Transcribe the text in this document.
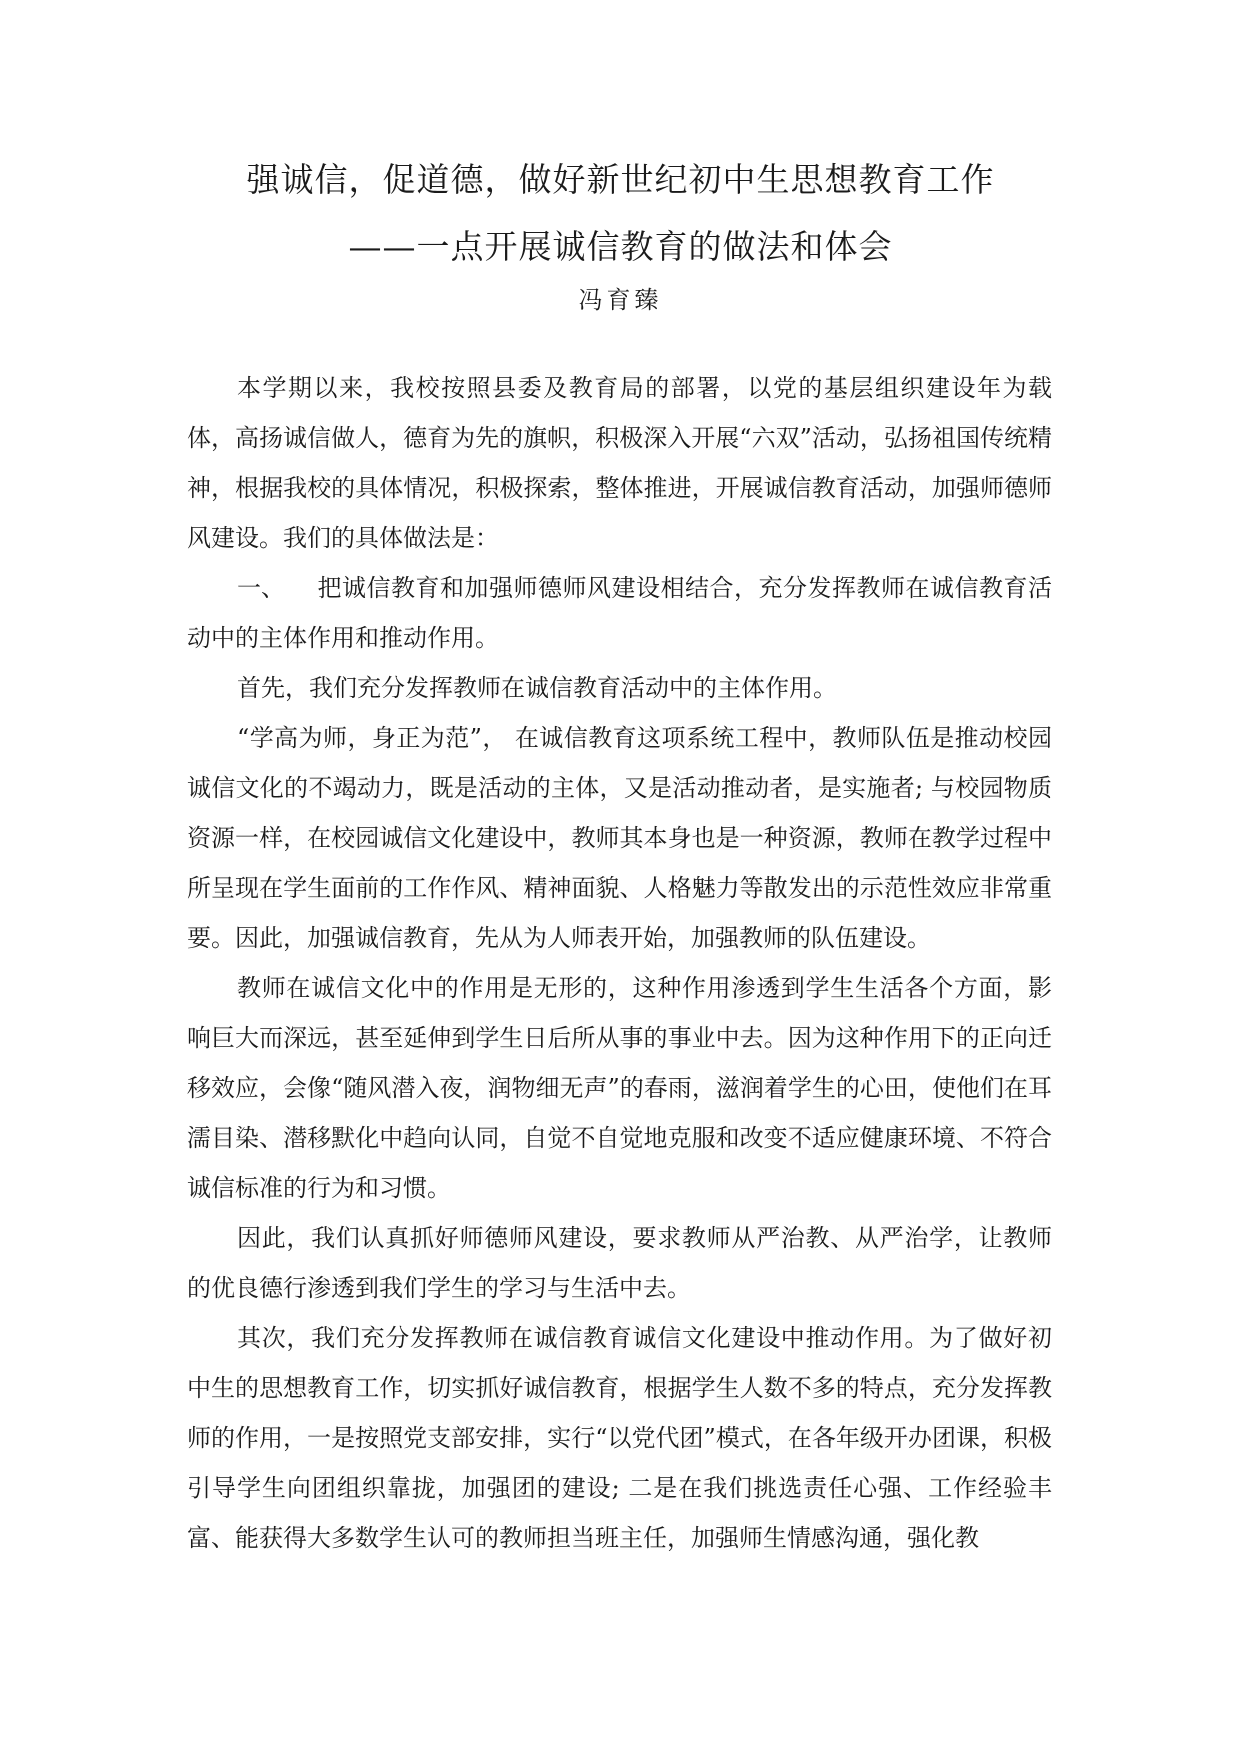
强诚信，促道德，做好新世纪初中生思想教育工作
——一点开展诚信教育的做法和体会
冯育臻

本学期以来，我校按照县委及教育局的部署，以党的基层组织建设年为载体，高扬诚信做人，德育为先的旗帜，积极深入开展“六双”活动，弘扬祖国传统精神，根据我校的具体情况，积极探索，整体推进，开展诚信教育活动，加强师德师风建设。我们的具体做法是：

一、 把诚信教育和加强师德师风建设相结合，充分发挥教师在诚信教育活动中的主体作用和推动作用。

首先，我们充分发挥教师在诚信教育活动中的主体作用。

“学高为师，身正为范”， 在诚信教育这项系统工程中，教师队伍是推动校园诚信文化的不竭动力，既是活动的主体，又是活动推动者，是实施者; 与校园物质资源一样，在校园诚信文化建设中，教师其本身也是一种资源，教师在教学过程中所呈现在学生面前的工作作风、精神面貌、人格魅力等散发出的示范性效应非常重要。因此，加强诚信教育，先从为人师表开始，加强教师的队伍建设。

教师在诚信文化中的作用是无形的，这种作用渗透到学生生活各个方面，影响巨大而深远，甚至延伸到学生日后所从事的事业中去。因为这种作用下的正向迁移效应，会像“随风潜入夜，润物细无声”的春雨，滋润着学生的心田，使他们在耳濡目染、潜移默化中趋向认同，自觉不自觉地克服和改变不适应健康环境、不符合诚信标准的行为和习惯。

因此，我们认真抓好师德师风建设，要求教师从严治教、从严治学，让教师的优良德行渗透到我们学生的学习与生活中去。

其次，我们充分发挥教师在诚信教育诚信文化建设中推动作用。为了做好初中生的思想教育工作，切实抓好诚信教育，根据学生人数不多的特点，充分发挥教师的作用，一是按照党支部安排，实行“以党代团”模式，在各年级开办团课，积极引导学生向团组织靠拢，加强团的建设; 二是在我们挑选责任心强、工作经验丰富、能获得大多数学生认可的教师担当班主任，加强师生情感沟通，强化教
